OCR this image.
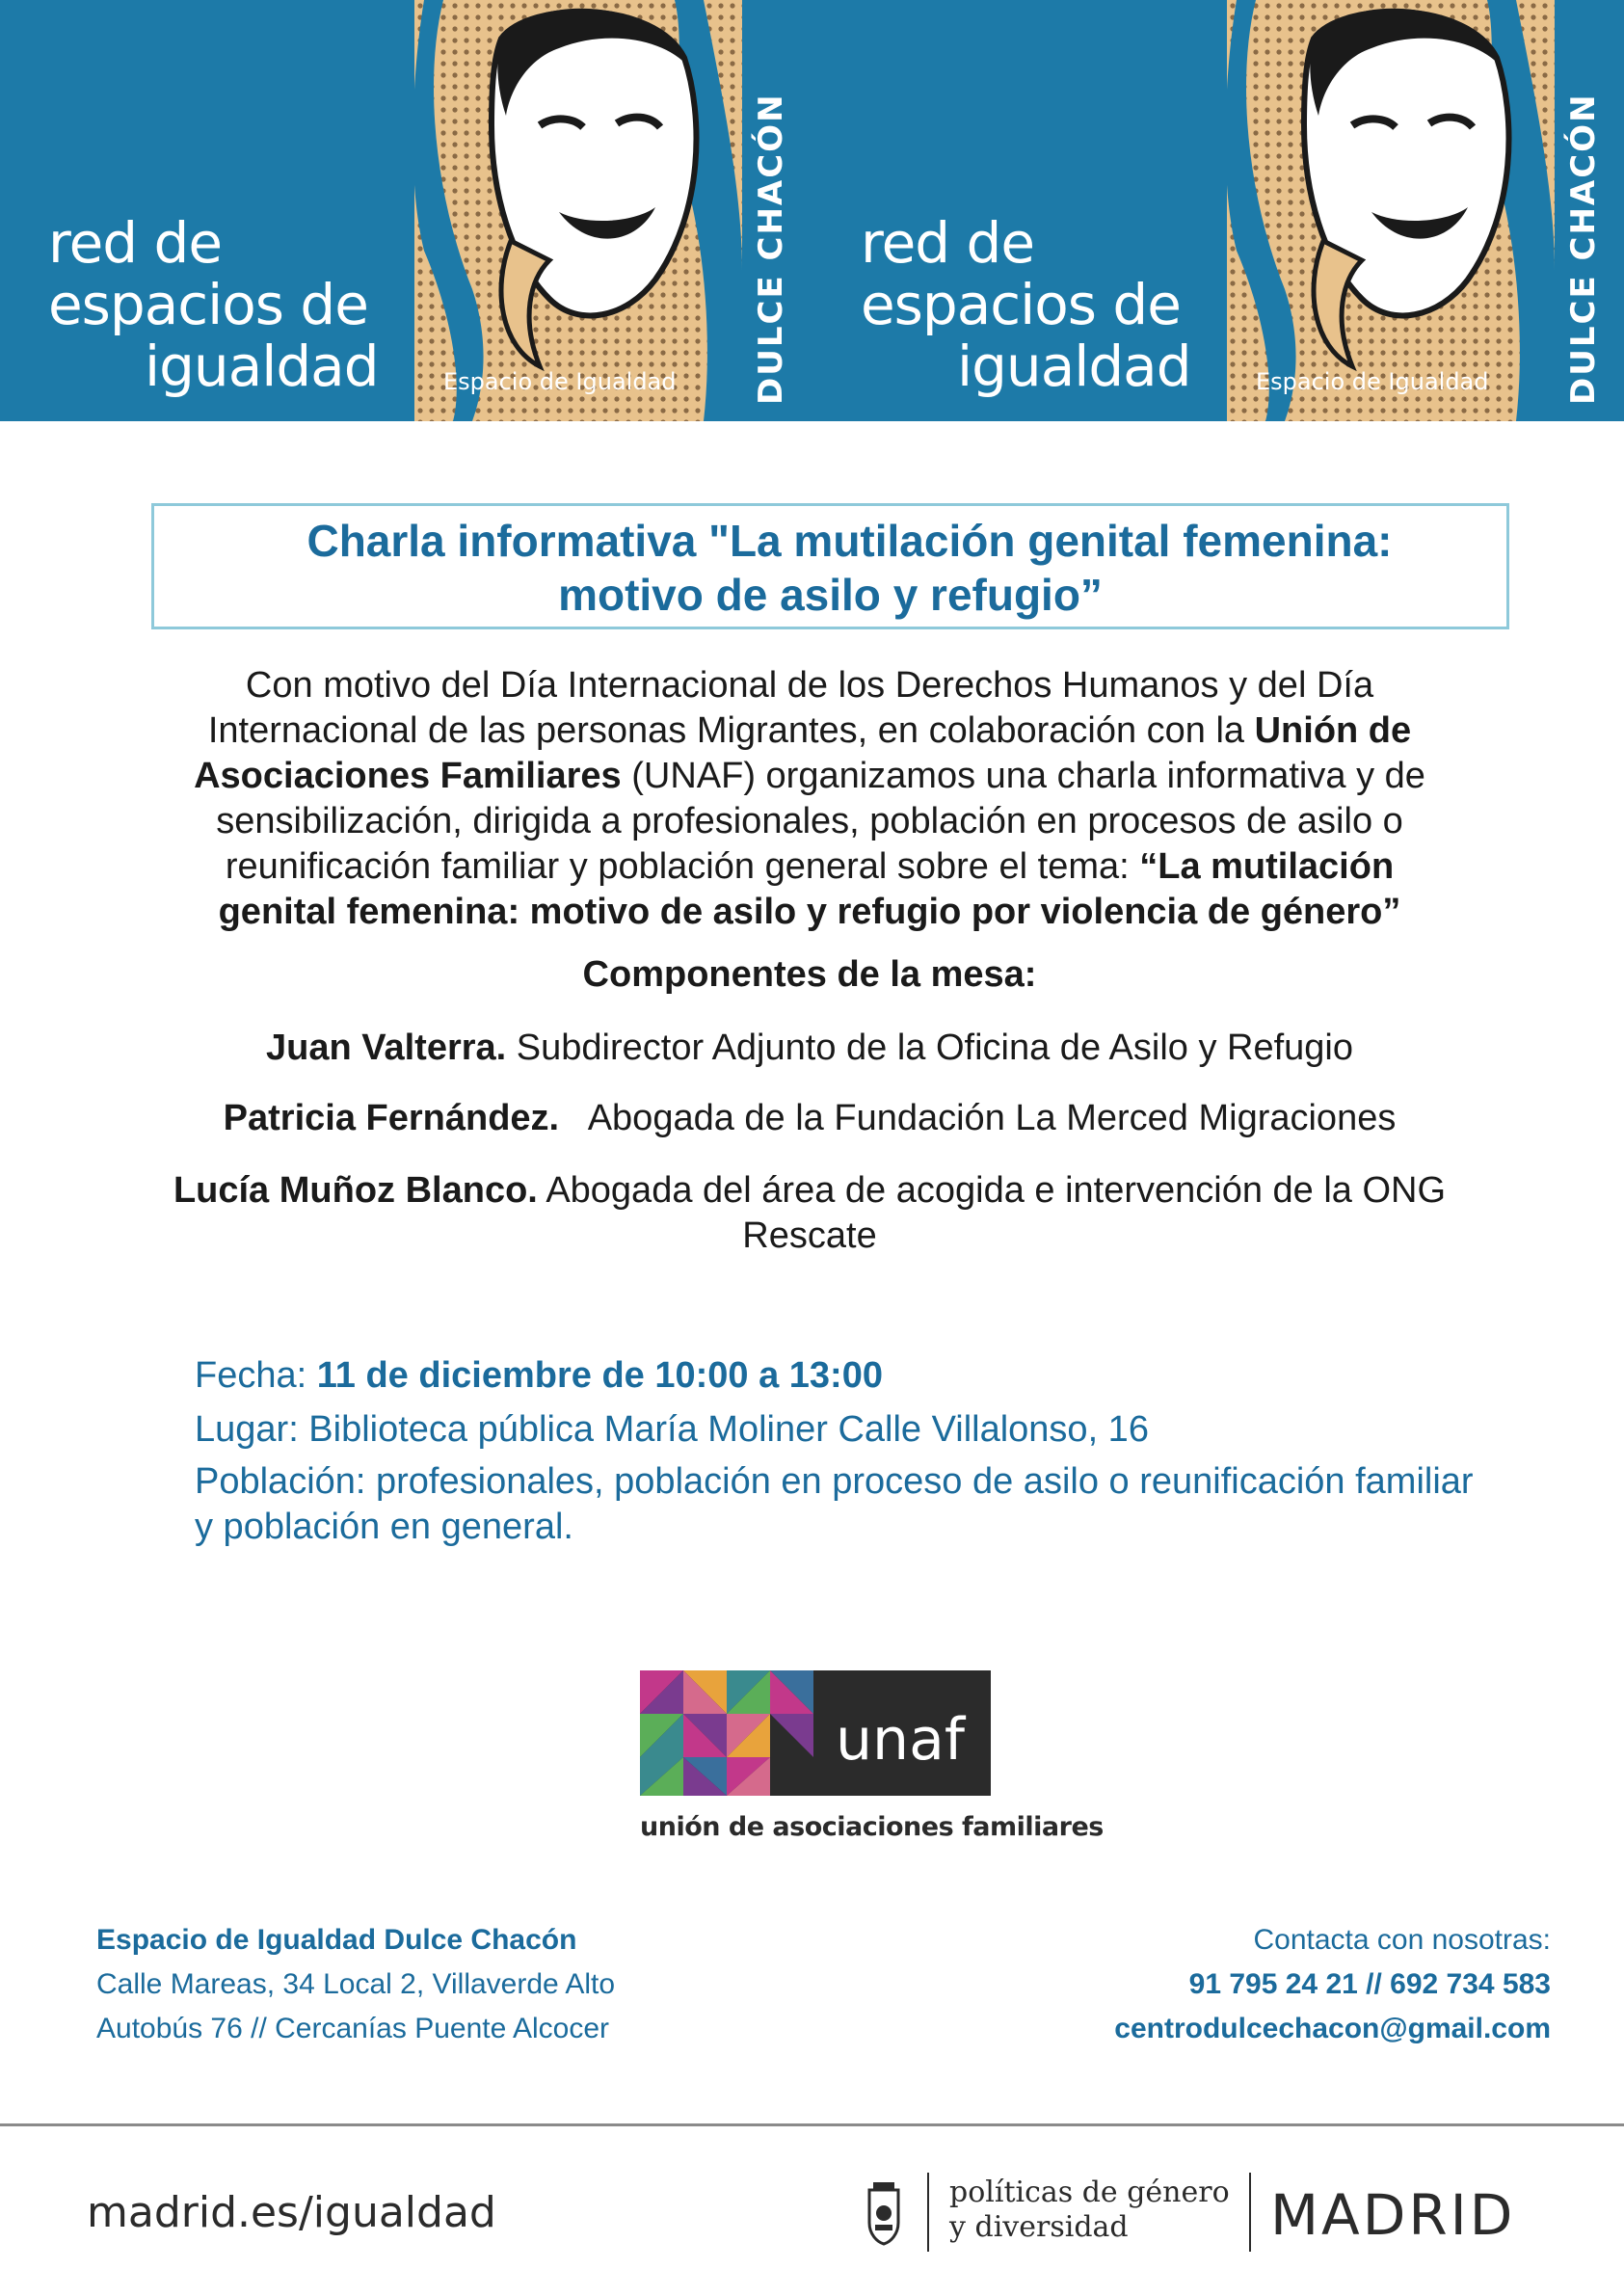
red de
espacios de
igualdad	DULCE CHACÓN
Espacio de Igualdad
red de
espacios de
igualdad	DULCE CHACÓN
Espacio de Igualdad
Charla informativa "La mutilación genital femenina:
motivo de asilo y refugio”
Con motivo del Día Internacional de los Derechos Humanos y del Día Internacional de las personas Migrantes, en colaboración con la Unión de Asociaciones Familiares (UNAF) organizamos una charla informativa y de sensibilización, dirigida a profesionales, población en procesos de asilo o reunificación familiar y población general sobre el tema: “La mutilación genital femenina: motivo de asilo y refugio por violencia de género”
Componentes de la mesa:
Juan Valterra. Subdirector Adjunto de la Oficina de Asilo y Refugio
Patricia Fernández. Abogada de la Fundación La Merced Migraciones
Lucía Muñoz Blanco. Abogada del área de acogida e intervención de la ONG Rescate
Fecha: 11 de diciembre de 10:00 a 13:00
Lugar: Biblioteca pública María Moliner Calle Villalonso, 16
Población: profesionales, población en proceso de asilo o reunificación familiar y población en general.
unaf
unión de asociaciones familiares
Espacio de Igualdad Dulce Chacón
Calle Mareas, 34 Local 2, Villaverde Alto
Autobús 76 // Cercanías Puente Alcocer
Contacta con nosotras:
91 795 24 21 // 692 734 583
centrodulcechacon@gmail.com
madrid.es/igualdad	políticas de género
y diversidad	MADRID
